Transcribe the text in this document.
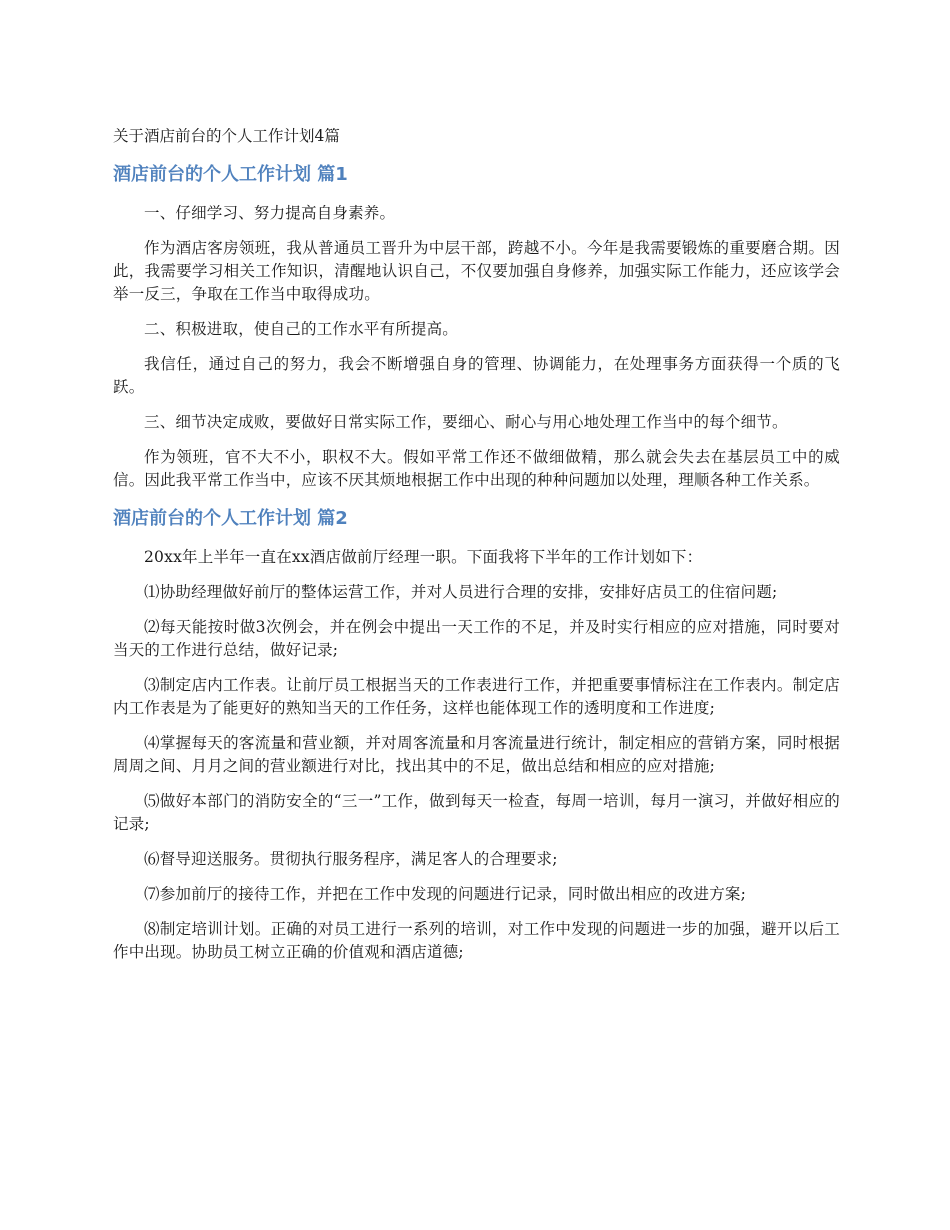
关于酒店前台的个人工作计划4篇
酒店前台的个人工作计划 篇1

一、仔细学习、努力提高自身素养。

作为酒店客房领班，我从普通员工晋升为中层干部，跨越不小。今年是我需要锻炼的重要磨合期。因此，我需要学习相关工作知识，清醒地认识自己，不仅要加强自身修养，加强实际工作能力，还应该学会举一反三，争取在工作当中取得成功。

二、积极进取，使自己的工作水平有所提高。

我信任，通过自己的努力，我会不断增强自身的管理、协调能力，在处理事务方面获得一个质的飞跃。

三、细节决定成败，要做好日常实际工作，要细心、耐心与用心地处理工作当中的每个细节。

作为领班，官不大不小，职权不大。假如平常工作还不做细做精，那么就会失去在基层员工中的威信。因此我平常工作当中，应该不厌其烦地根据工作中出现的种种问题加以处理，理顺各种工作关系。

酒店前台的个人工作计划 篇2

20xx年上半年一直在xx酒店做前厅经理一职。下面我将下半年的工作计划如下：

⑴协助经理做好前厅的整体运营工作，并对人员进行合理的安排，安排好店员工的住宿问题;

⑵每天能按时做3次例会，并在例会中提出一天工作的不足，并及时实行相应的应对措施，同时要对当天的工作进行总结，做好记录;

⑶制定店内工作表。让前厅员工根据当天的工作表进行工作，并把重要事情标注在工作表内。制定店内工作表是为了能更好的熟知当天的工作任务，这样也能体现工作的透明度和工作进度;

⑷掌握每天的客流量和营业额，并对周客流量和月客流量进行统计，制定相应的营销方案，同时根据周周之间、月月之间的营业额进行对比，找出其中的不足，做出总结和相应的应对措施;

⑸做好本部门的消防安全的“三一”工作，做到每天一检查，每周一培训，每月一演习，并做好相应的记录;

⑹督导迎送服务。贯彻执行服务程序，满足客人的合理要求;

⑺参加前厅的接待工作，并把在工作中发现的问题进行记录，同时做出相应的改进方案;

⑻制定培训计划。正确的对员工进行一系列的培训，对工作中发现的问题进一步的加强，避开以后工作中出现。协助员工树立正确的价值观和酒店道德;
